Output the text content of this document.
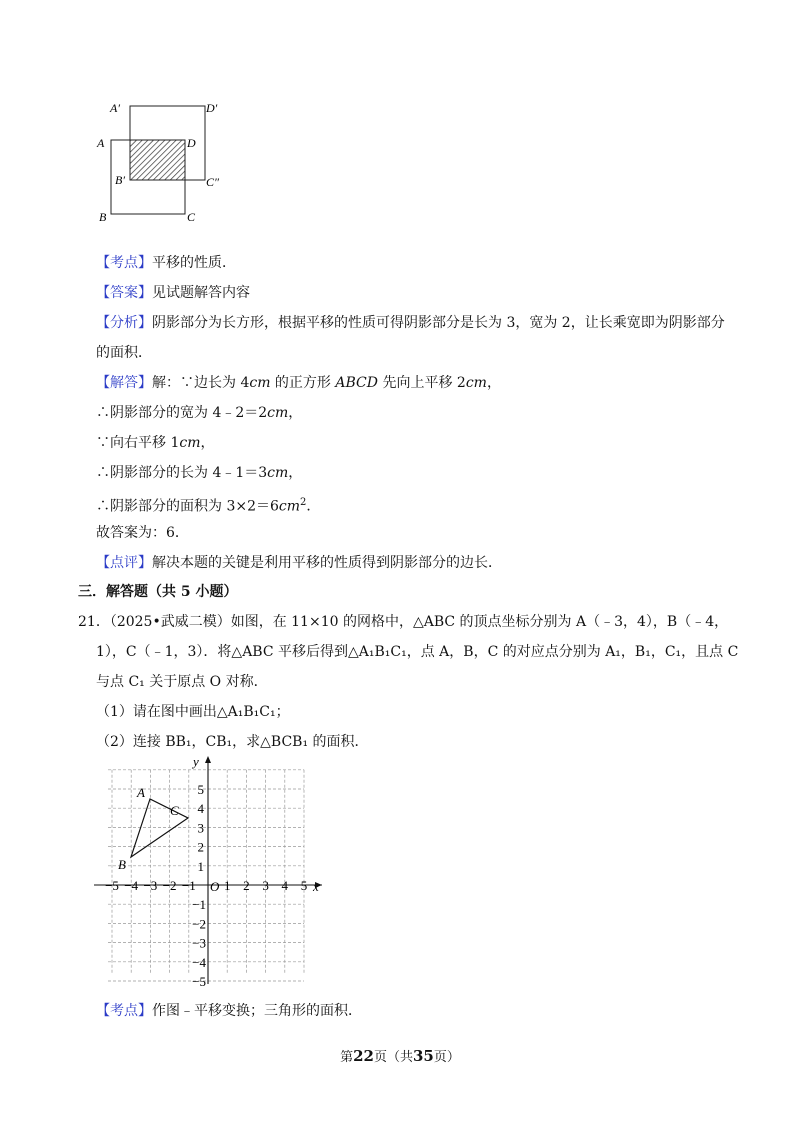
A′	D′
A	D
B′	C″
B	C
【考点】平移的性质．
【答案】见试题解答内容
【分析】阴影部分为长方形，根据平移的性质可得阴影部分是长为 3，宽为 2，让长乘宽即为阴影部分
的面积．
【解答】解：∵边长为 4cm 的正方形 ABCD 先向上平移 2cm，
∴阴影部分的宽为 4﹣2＝2cm，
∵向右平移 1cm，
∴阴影部分的长为 4﹣1＝3cm，
∴阴影部分的面积为 $3\times 2=6cm^2$．
故答案为：6．
【点评】解决本题的关键是利用平移的性质得到阴影部分的边长．
三．解答题（共 5 小题）
21．（2025•武威二模）如图，在 11×10 的网格中，△ABC 的顶点坐标分别为 A（﹣3，4），B（﹣4，
1），C（﹣1，3）．将△ABC 平移后得到△A₁B₁C₁，点 A，B，C 的对应点分别为 A₁，B₁，C₁，且点 C
与点 C₁ 关于原点 O 对称．
（1）请在图中画出△A₁B₁C₁；
（2）连接 BB₁，CB₁，求△BCB₁ 的面积．
x
y
O
−5 −4 −3 −2 −1 1 2 3 4 5
1
2
3
4
5
−1
−2
−3
−4
−5
A
B
C
【考点】作图﹣平移变换；三角形的面积．
第22页（共35页）
